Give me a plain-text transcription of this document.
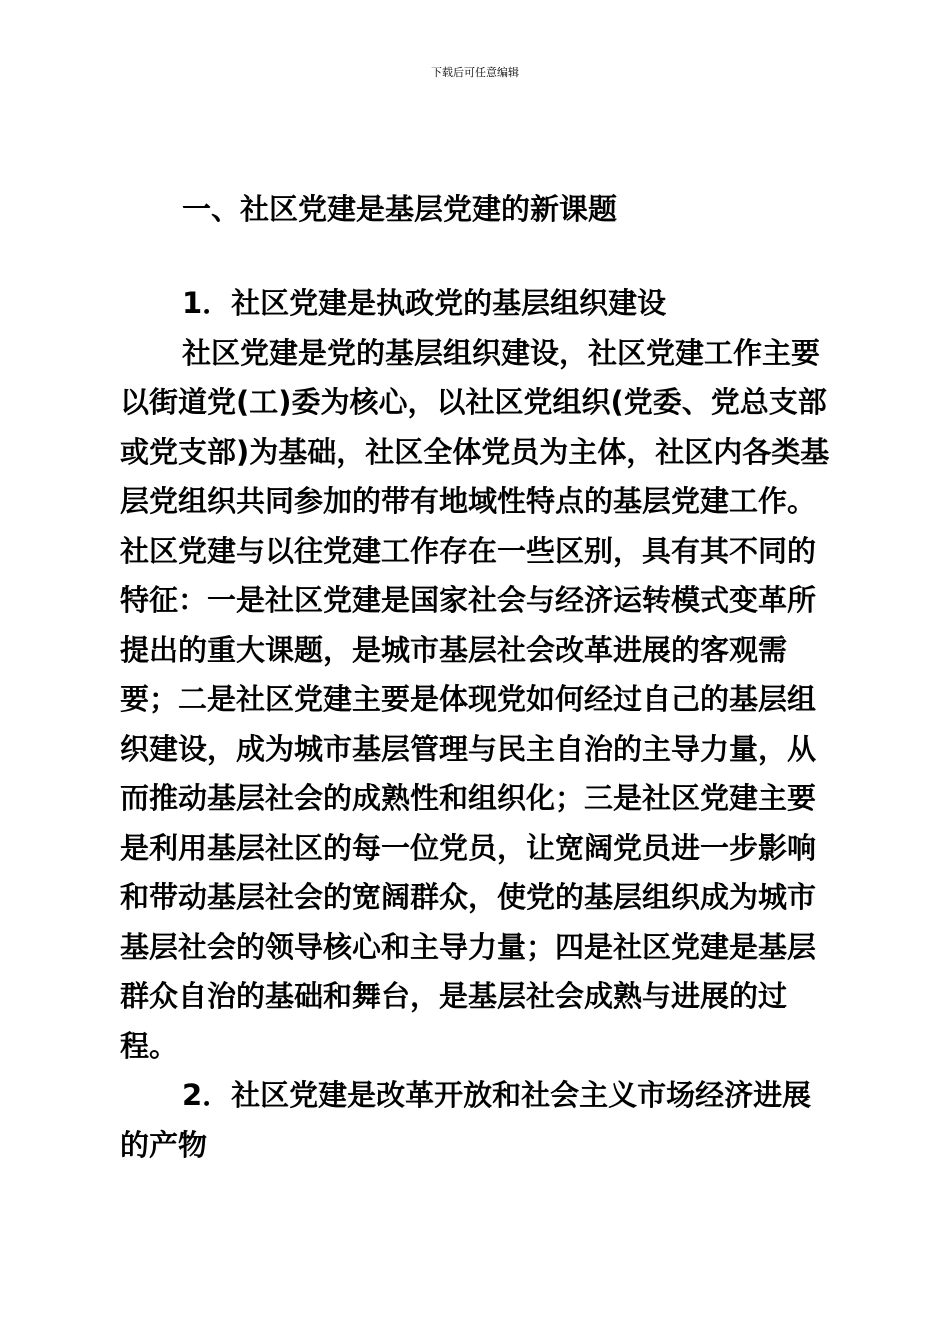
下载后可任意编辑
一、社区党建是基层党建的新课题
1．社区党建是执政党的基层组织建设

社区党建是党的基层组织建设，社区党建工作主要
以街道党(工)委为核心，以社区党组织(党委、党总支部
或党支部)为基础，社区全体党员为主体，社区内各类基
层党组织共同参加的带有地域性特点的基层党建工作。
社区党建与以往党建工作存在一些区别，具有其不同的
特征：一是社区党建是国家社会与经济运转模式变革所
提出的重大课题，是城市基层社会改革进展的客观需
要；二是社区党建主要是体现党如何经过自己的基层组
织建设，成为城市基层管理与民主自治的主导力量，从
而推动基层社会的成熟性和组织化；三是社区党建主要
是利用基层社区的每一位党员，让宽阔党员进一步影响
和带动基层社会的宽阔群众，使党的基层组织成为城市
基层社会的领导核心和主导力量；四是社区党建是基层
群众自治的基础和舞台，是基层社会成熟与进展的过
程。

2．社区党建是改革开放和社会主义市场经济进展
的产物
